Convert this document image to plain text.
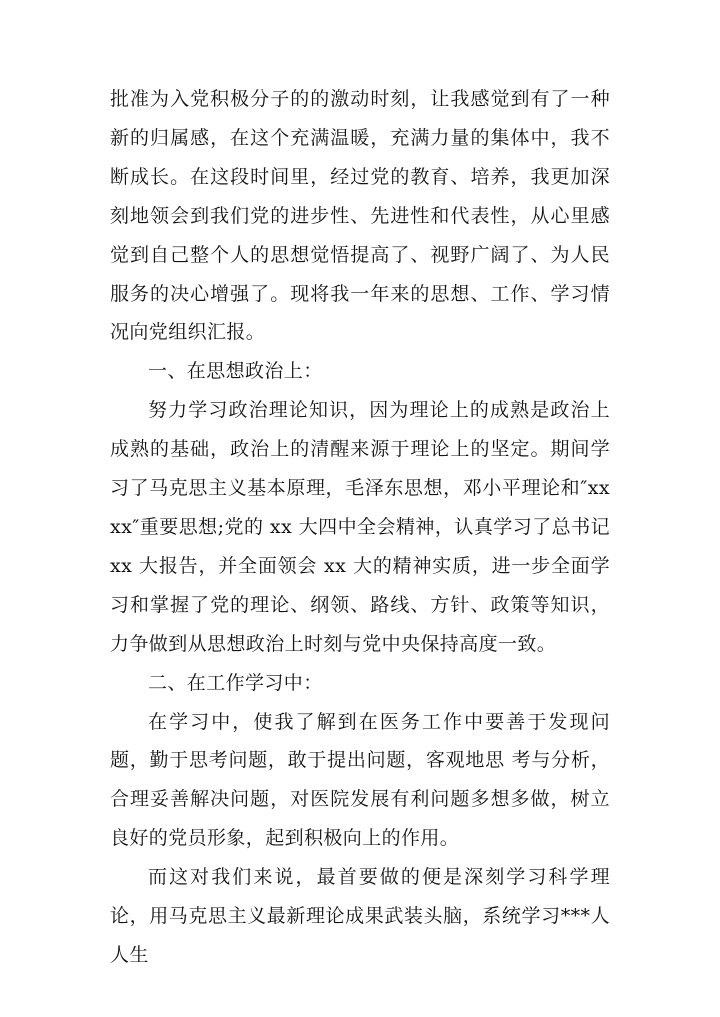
批准为入党积极分子的的激动时刻，让我感觉到有了一种新的归属感，在这个充满温暖，充满力量的集体中，我不断成长。在这段时间里，经过党的教育、培养，我更加深刻地领会到我们党的进步性、先进性和代表性，从心里感觉到自己整个人的思想觉悟提高了、视野广阔了、为人民服务的决心增强了。现将我一年来的思想、工作、学习情况向党组织汇报。

一、在思想政治上：

努力学习政治理论知识，因为理论上的成熟是政治上成熟的基础，政治上的清醒来源于理论上的坚定。期间学习了马克思主义基本原理，毛泽东思想，邓小平理论和″xxxx″重要思想;党的 xx 大四中全会精神，认真学习了总书记 xx 大报告，并全面领会 xx 大的精神实质，进一步全面学习和掌握了党的理论、纲领、路线、方针、政策等知识，力争做到从思想政治上时刻与党中央保持高度一致。

二、在工作学习中：

在学习中，使我了解到在医务工作中要善于发现问题，勤于思考问题，敢于提出问题，客观地思 考与分析，合理妥善解决问题，对医院发展有利问题多想多做，树立良好的党员形象，起到积极向上的作用。

而这对我们来说，最首要做的便是深刻学习科学理论，用马克思主义最新理论成果武装头脑，系统学习***人人生
